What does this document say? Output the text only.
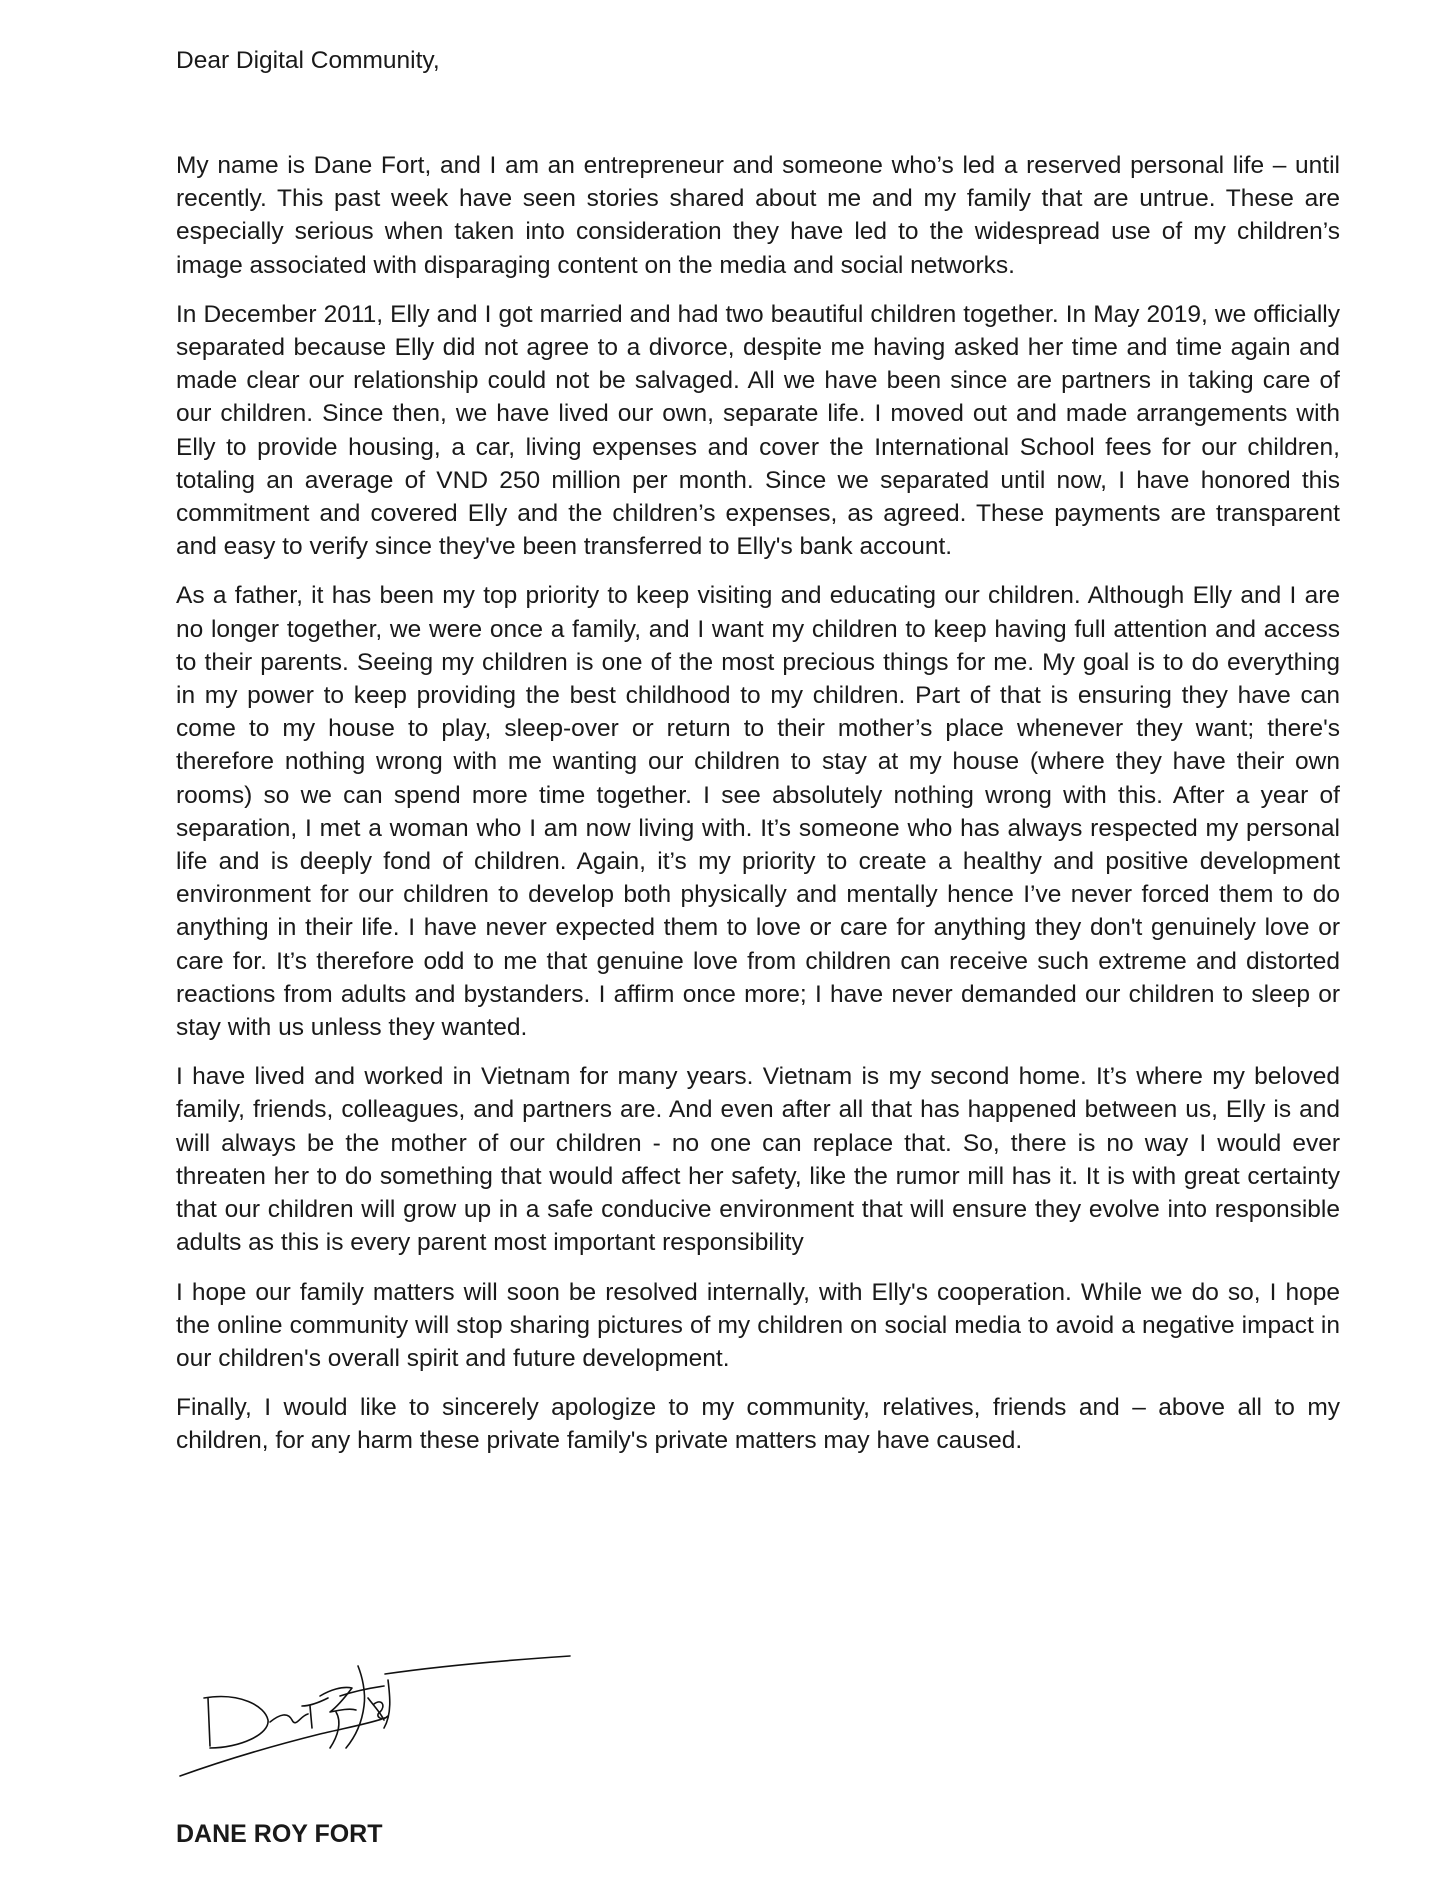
Dear Digital Community,

My name is Dane Fort, and I am an entrepreneur and someone who’s led a reserved personal life – until recently. This past week have seen stories shared about me and my family that are untrue. These are especially serious when taken into consideration they have led to the widespread use of my children’s image associated with disparaging content on the media and social networks.

In December 2011, Elly and I got married and had two beautiful children together. In May 2019, we officially separated because Elly did not agree to a divorce, despite me having asked her time and time again and made clear our relationship could not be salvaged. All we have been since are partners in taking care of our children. Since then, we have lived our own, separate life. I moved out and made arrangements with Elly to provide housing, a car, living expenses and cover the International School fees for our children, totaling an average of VND 250 million per month. Since we separated until now, I have honored this commitment and covered Elly and the children’s expenses, as agreed. These payments are transparent and easy to verify since they've been transferred to Elly's bank account.

As a father, it has been my top priority to keep visiting and educating our children. Although Elly and I are no longer together, we were once a family, and I want my children to keep having full attention and access to their parents. Seeing my children is one of the most precious things for me. My goal is to do everything in my power to keep providing the best childhood to my children. Part of that is ensuring they have can come to my house to play, sleep-over or return to their mother’s place whenever they want; there's therefore nothing wrong with me wanting our children to stay at my house (where they have their own rooms) so we can spend more time together. I see absolutely nothing wrong with this. After a year of separation, I met a woman who I am now living with. It’s someone who has always respected my personal life and is deeply fond of children. Again, it’s my priority to create a healthy and positive development environment for our children to develop both physically and mentally hence I’ve never forced them to do anything in their life. I have never expected them to love or care for anything they don't genuinely love or care for. It’s therefore odd to me that genuine love from children can receive such extreme and distorted reactions from adults and bystanders. I affirm once more; I have never demanded our children to sleep or stay with us unless they wanted.

I have lived and worked in Vietnam for many years. Vietnam is my second home. It’s where my beloved family, friends, colleagues, and partners are. And even after all that has happened between us, Elly is and will always be the mother of our children - no one can replace that. So, there is no way I would ever threaten her to do something that would affect her safety, like the rumor mill has it. It is with great certainty that our children will grow up in a safe conducive environment that will ensure they evolve into responsible adults as this is every parent most important responsibility

I hope our family matters will soon be resolved internally, with Elly's cooperation. While we do so, I hope the online community will stop sharing pictures of my children on social media to avoid a negative impact in our children's overall spirit and future development.

Finally, I would like to sincerely apologize to my community, relatives, friends and – above all to my children, for any harm these private family's private matters may have caused.

DANE ROY FORT
